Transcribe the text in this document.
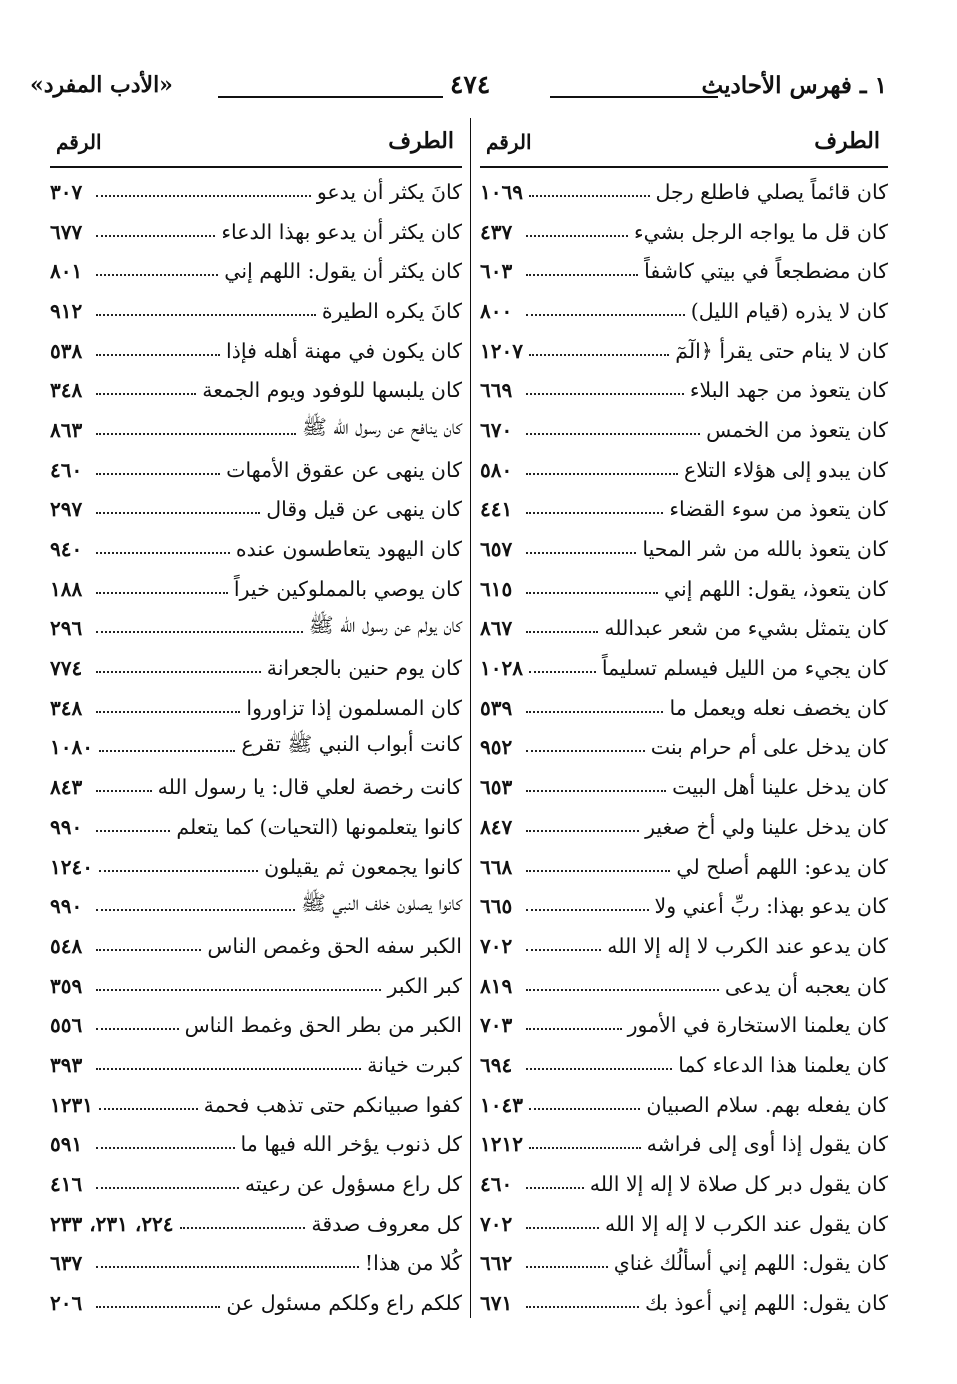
١ ـ فهرس الأحاديث
٤٧٤
«الأدب المفرد»
الطرف
الرقم
كان قائماً يصلي فاطلع رجل
١٠٦٩
كان قل ما يواجه الرجل بشيء
٤٣٧
كان مضطجعاً في بيتي كاشفاً
٦٠٣
كان لا يذره (قيام الليل)
٨٠٠
كان لا ينام حتى يقرأ ﴿الٓمٓ
١٢٠٧
كان يتعوذ من جهد البلاء
٦٦٩
كان يتعوذ من الخمس
٦٧٠
كان يبدو إلى هؤلاء التلاع
٥٨٠
كان يتعوذ من سوء القضاء
٤٤١
كان يتعوذ بالله من شر المحيا
٦٥٧
كان يتعوذ، يقول: اللهم إني
٦١٥
كان يتمثل بشيء من شعر عبدالله
٨٦٧
كان يجيء من الليل فيسلم تسليماً
١٠٢٨
كان يخصف نعله ويعمل ما
٥٣٩
كان يدخل على أم حرام بنت
٩٥٢
كان يدخل علينا أهل البيت
٦٥٣
كان يدخل علينا ولي أخ صغير
٨٤٧
كان يدعو: اللهم أصلح لي
٦٦٨
كان يدعو بهذا: ربِّ أعني ولا
٦٦٥
كان يدعو عند الكرب لا إله إلا الله
٧٠٢
كان يعجبه أن يدعى
٨١٩
كان يعلمنا الاستخارة في الأمور
٧٠٣
كان يعلمنا هذا الدعاء كما
٦٩٤
كان يفعله بهم. سلام الصبيان
١٠٤٣
كان يقول إذا أوى إلى فراشه
١٢١٢
كان يقول دبر كل صلاة لا إله إلا الله
٤٦٠
كان يقول عند الكرب لا إله إلا الله
٧٠٢
كان يقول: اللهم إني أسألُك غناي
٦٦٢
كان يقول: اللهم إني أعوذ بك
٦٧١
الطرف
الرقم
كانَ يكثر أن يدعو
٣٠٧
كان يكثر أن يدعو بهذا الدعاء
٦٧٧
كان يكثر أن يقول: اللهم إني
٨٠١
كانَ يكره الطيرة
٩١٢
كان يكون في مهنة أهله فإذا
٥٣٨
كان يلبسها للوفود ويوم الجمعة
٣٤٨
كان ينافح عن رسول الله ﷺ
٨٦٣
كان ينهى عن عقوق الأمهات
٤٦٠
كان ينهى عن قيل وقال
٢٩٧
كان اليهود يتعاطسون عنده
٩٤٠
كان يوصي بالمملوكين خيراً
١٨٨
كان يولم عن رسول الله ﷺ
٢٩٦
كان يوم حنين بالجعرانة
٧٧٤
كان المسلمون إذا تزاوروا
٣٤٨
كانت أبواب النبي ﷺ تقرع
١٠٨٠
كانت رخصة لعلي قال: يا رسول الله
٨٤٣
كانوا يتعلمونها (التحيات) كما يتعلم
٩٩٠
كانوا يجمعون ثم يقيلون
١٢٤٠
كانوا يصلون خلف النبي ﷺ
٩٩٠
الكبر سفه الحق وغمص الناس
٥٤٨
كبر الكبر
٣٥٩
الكبر من بطر الحق وغمط الناس
٥٥٦
كبرت خيانة
٣٩٣
كفوا صبيانكم حتى تذهب فحمة
١٢٣١
كل ذنوب يؤخر الله فيها ما
٥٩١
كل راع مسؤول عن رعيته
٤١٦
كل معروف صدقة
٢٢٤، ٢٣١، ٢٣٣
كُلا من هذا!
٦٣٧
كلكم راع وكلكم مسئول عن
٢٠٦
